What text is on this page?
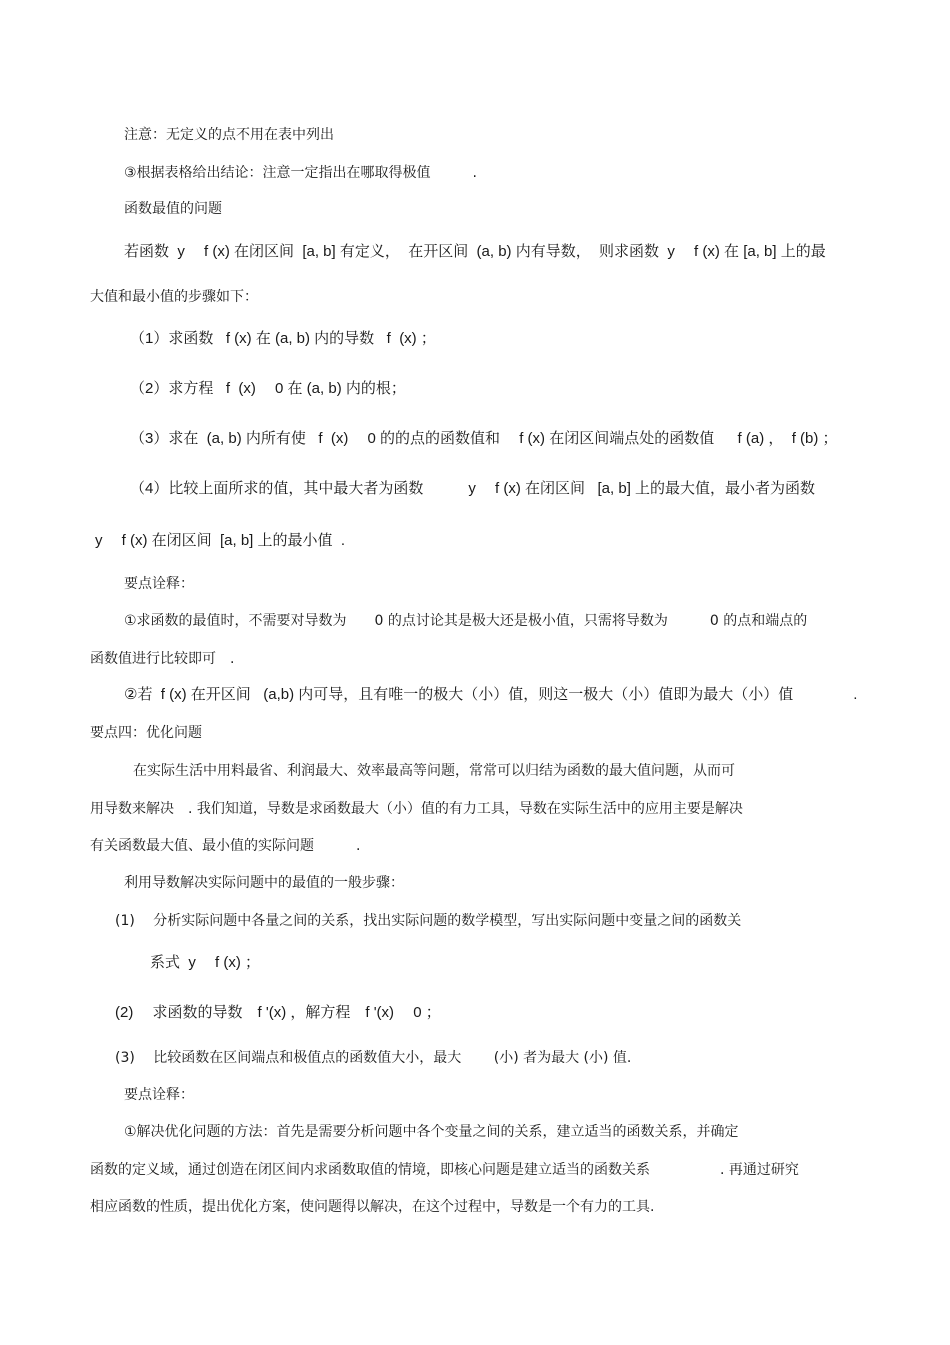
注意：无定义的点不用在表中列出
③根据表格给出结论：注意一定指出在哪取得极值　　　.
函数最值的问题
若函数  y　 f (x) 在闭区间  [a, b] 有定义，  在开区间  (a, b) 内有导数，  则求函数  y　 f (x) 在 [a, b] 上的最
大值和最小值的步骤如下：
（1）求函数   f (x) 在 (a, b) 内的导数   f  (x) ；
（2）求方程   f  (x)　 0 在 (a, b) 内的根；
（3）求在  (a, b) 内所有使   f  (x)　 0 的的点的函数值和　 f (x) 在闭区间端点处的函数值　  f (a) ，  f (b) ；
（4）比较上面所求的值，其中最大者为函数　　　y　 f (x) 在闭区间   [a, b] 上的最大值，最小者为函数
y　 f (x) 在闭区间  [a, b] 上的最小值  .
要点诠释：
①求函数的最值时，不需要对导数为　　0 的点讨论其是极大还是极小值，只需将导数为　　　0 的点和端点的
函数值进行比较即可　.
②若  f (x) 在开区间   (a,b) 内可导，且有唯一的极大（小）值，则这一极大（小）值即为最大（小）值　　　　.
要点四：优化问题
在实际生活中用料最省、利润最大、效率最高等问题，常常可以归结为函数的最大值问题，从而可
用导数来解决　. 我们知道，导数是求函数最大（小）值的有力工具，导数在实际生活中的应用主要是解决
有关函数最大值、最小值的实际问题　　　.
利用导数解决实际问题中的最值的一般步骤：
(1)　 分析实际问题中各量之间的关系，找出实际问题的数学模型，写出实际问题中变量之间的函数关
系式  y　 f (x) ；
(2)　 求函数的导数　f '(x) ，解方程　f '(x)　 0 ；
(3)　 比较函数在区间端点和极值点的函数值大小，最大　　 (小) 者为最大 (小) 值.
要点诠释：
①解决优化问题的方法：首先是需要分析问题中各个变量之间的关系，建立适当的函数关系，并确定
函数的定义域，通过创造在闭区间内求函数取值的情境，即核心问题是建立适当的函数关系　　　　　. 再通过研究
相应函数的性质，提出优化方案，使问题得以解决，在这个过程中，导数是一个有力的工具.
